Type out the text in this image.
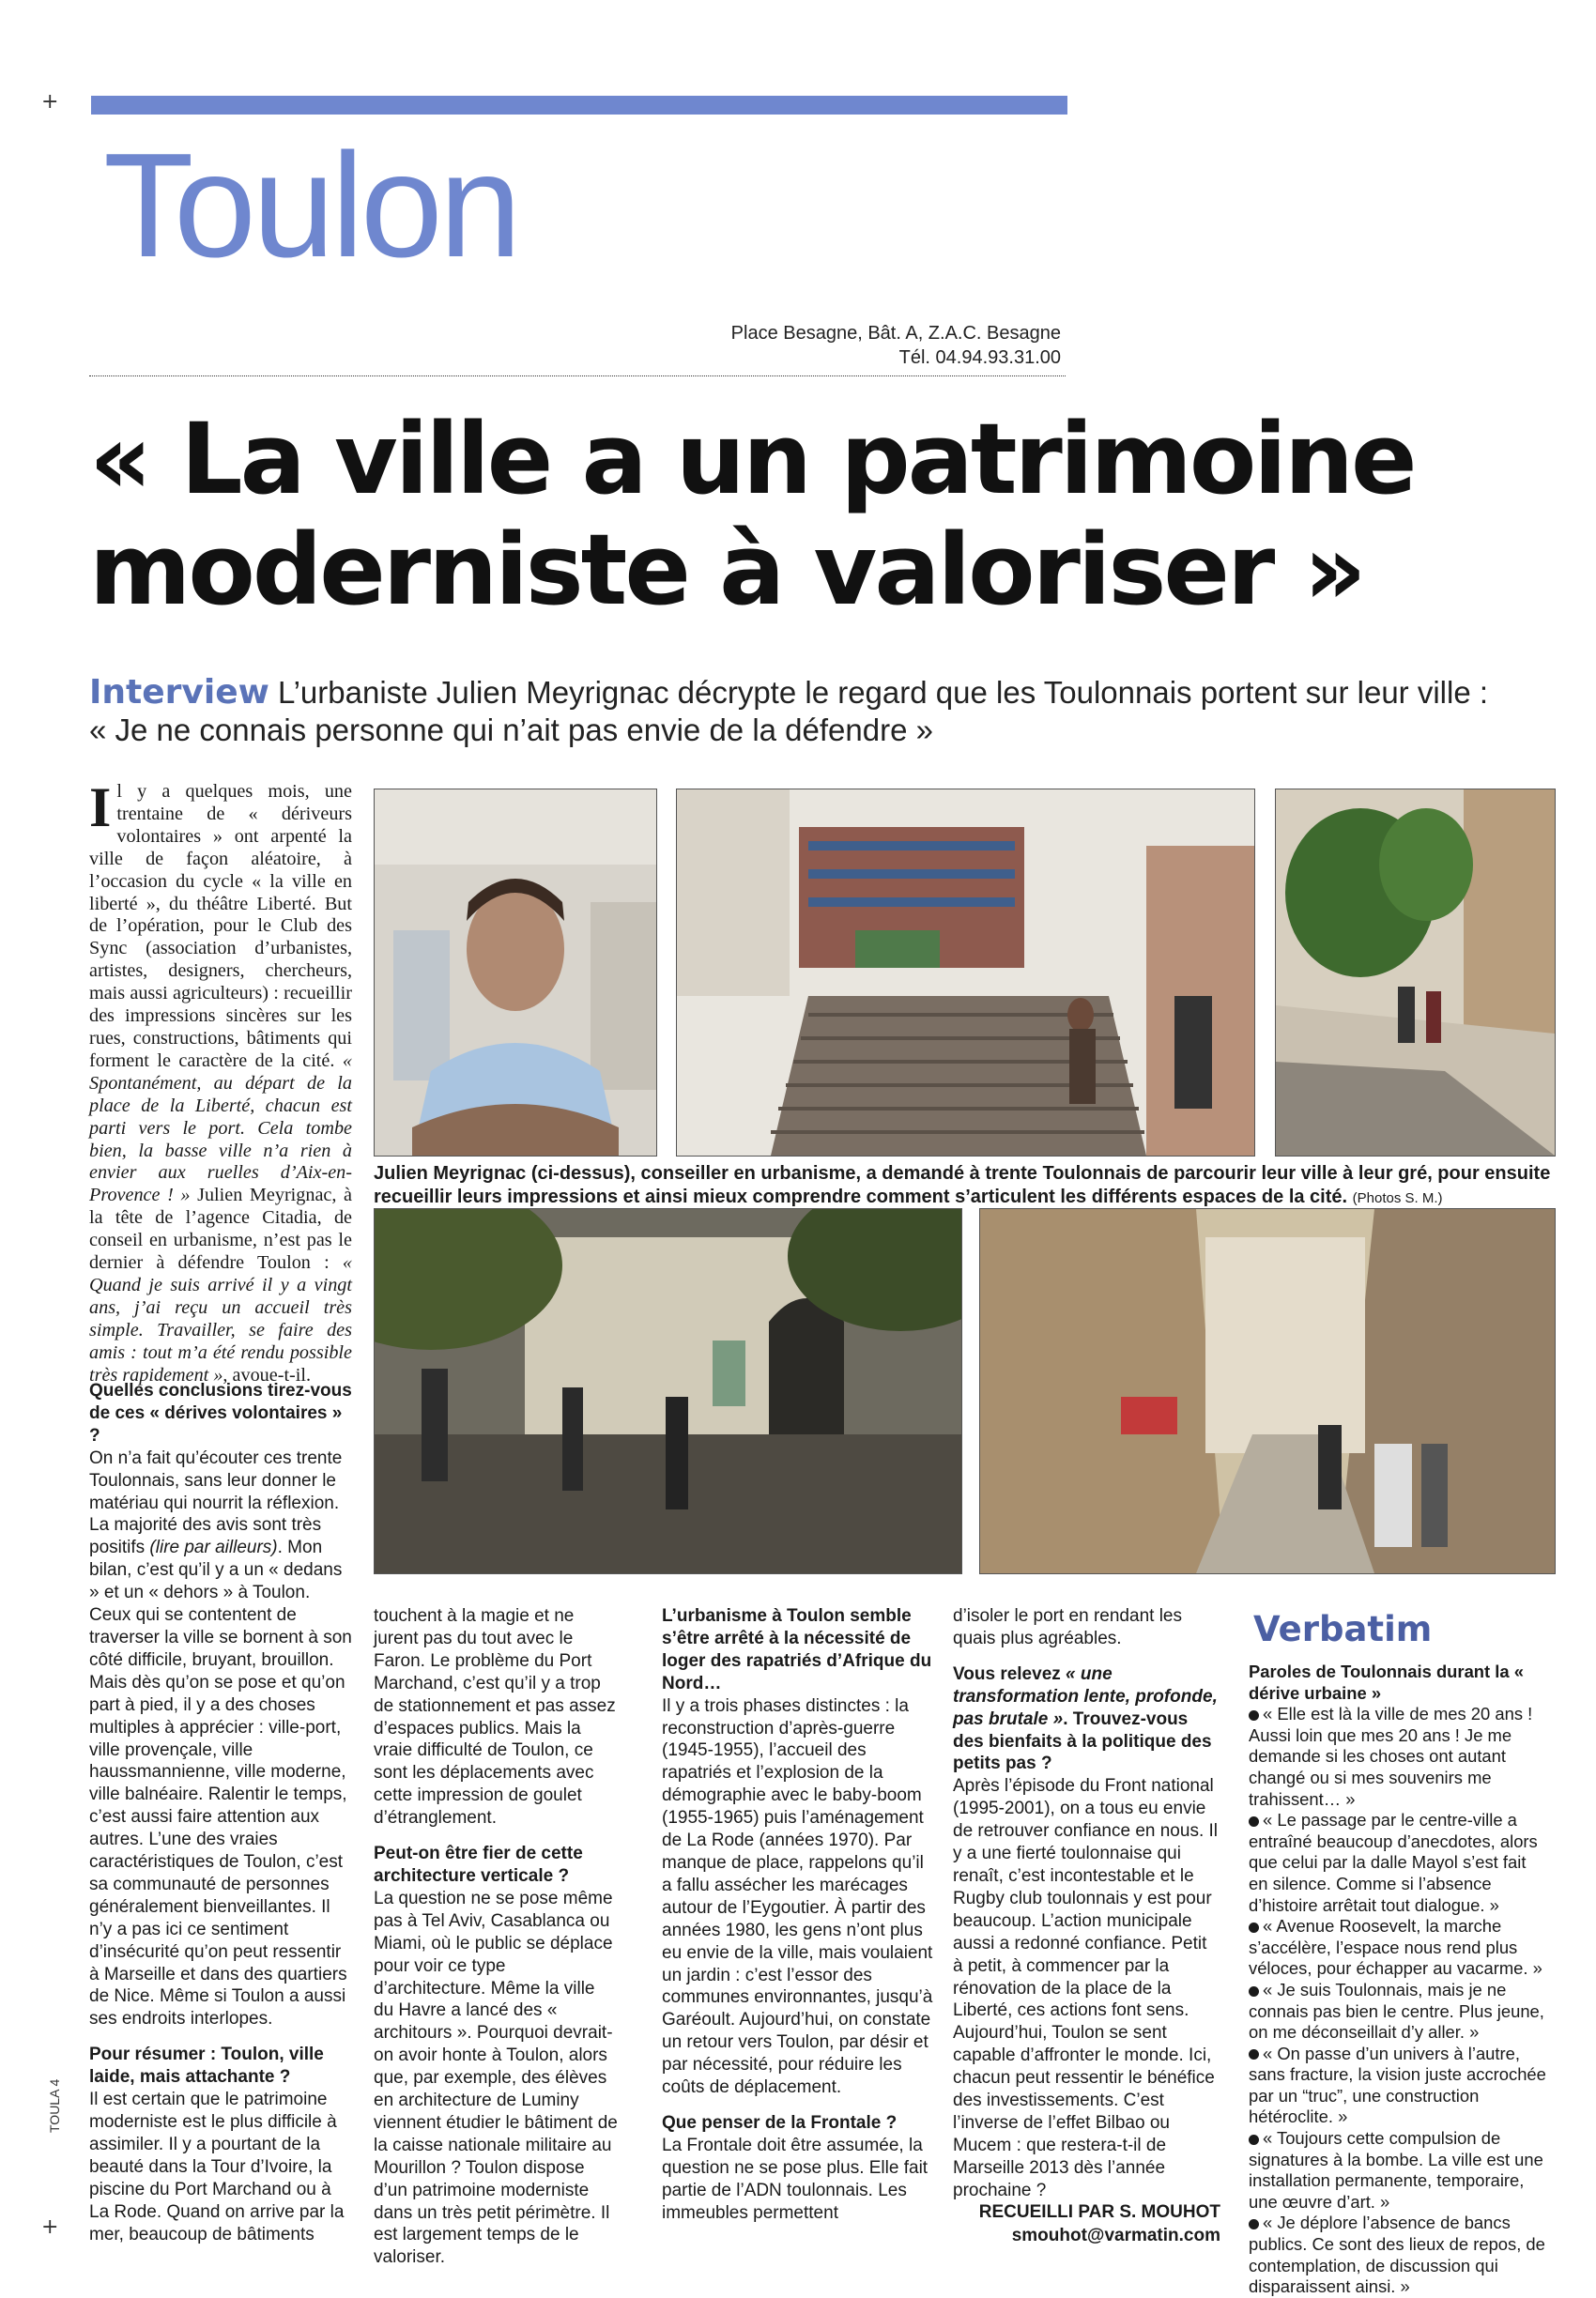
+
+
Toulon
Place Besagne, Bât. A, Z.A.C. Besagne
Tél. 04.94.93.31.00
« La ville a un patrimoine
moderniste à valoriser »
Interview L’urbaniste Julien Meyrignac décrypte le regard que les Toulonnais portent sur leur ville :
« Je ne connais personne qui n’ait pas envie de la défendre »

Il y a quelques mois, une trentaine de « dériveurs volontaires » ont arpenté la ville de façon aléatoire, à l’occasion du cycle « la ville en liberté », du théâtre Liberté. But de l’opération, pour le Club des Sync (association d’urbanistes, artistes, designers, chercheurs, mais aussi agriculteurs) : recueillir des impressions sincères sur les rues, constructions, bâtiments qui forment le caractère de la cité. « Spontanément, au départ de la place de la Liberté, chacun est parti vers le port. Cela tombe bien, la basse ville n’a rien à envier aux ruelles d’Aix-en-Provence ! » Julien Meyrignac, à la tête de l’agence Citadia, de conseil en urbanisme, n’est pas le dernier à défendre Toulon : « Quand je suis arrivé il y a vingt ans, j’ai reçu un accueil très simple. Travailler, se faire des amis : tout m’a été rendu possible très rapidement », avoue-t-il.

Quelles conclusions tirez-vous de ces « dérives volontaires » ?

On n’a fait qu’écouter ces trente Toulonnais, sans leur donner le matériau qui nourrit la réflexion. La majorité des avis sont très positifs (lire par ailleurs). Mon bilan, c’est qu’il y a un « dedans » et un « dehors » à Toulon. Ceux qui se contentent de traverser la ville se bornent à son côté difficile, bruyant, brouillon. Mais dès qu’on se pose et qu’on part à pied, il y a des choses multiples à apprécier : ville-port, ville provençale, ville haussmannienne, ville moderne, ville balnéaire. Ralentir le temps, c’est aussi faire attention aux autres. L’une des vraies caractéristiques de Toulon, c’est sa communauté de personnes généralement bienveillantes. Il n’y a pas ici ce sentiment d’insécurité qu’on peut ressentir à Marseille et dans des quartiers de Nice. Même si Toulon a aussi ses endroits interlopes.

Pour résumer : Toulon, ville laide, mais attachante ?

Il est certain que le patrimoine moderniste est le plus difficile à assimiler. Il y a pourtant de la beauté dans la Tour d’Ivoire, la piscine du Port Marchand ou à La Rode. Quand on arrive par la mer, beaucoup de bâtiments

touchent à la magie et ne jurent pas du tout avec le Faron. Le problème du Port Marchand, c’est qu’il y a trop de stationnement et pas assez d’espaces publics. Mais la vraie difficulté de Toulon, ce sont les déplacements avec cette impression de goulet d’étranglement.

Peut-on être fier de cette architecture verticale ?

La question ne se pose même pas à Tel Aviv, Casablanca ou Miami, où le public se déplace pour voir ce type d’architecture. Même la ville du Havre a lancé des « architours ». Pourquoi devrait-on avoir honte à Toulon, alors que, par exemple, des élèves en architecture de Luminy viennent étudier le bâtiment de la caisse nationale militaire au Mourillon ? Toulon dispose d’un patrimoine moderniste dans un très petit périmètre. Il est largement temps de le valoriser.

L’urbanisme à Toulon semble s’être arrêté à la nécessité de loger des rapatriés d’Afrique du Nord…

Il y a trois phases distinctes : la reconstruction d’après-guerre (1945-1955), l’accueil des rapatriés et l’explosion de la démographie avec le baby-boom (1955-1965) puis l’aménagement de La Rode (années 1970). Par manque de place, rappelons qu’il a fallu assécher les marécages autour de l’Eygoutier. À partir des années 1980, les gens n’ont plus eu envie de la ville, mais voulaient un jardin : c’est l’essor des communes environnantes, jusqu’à Garéoult. Aujourd’hui, on constate un retour vers Toulon, par désir et par nécessité, pour réduire les coûts de déplacement.

Que penser de la Frontale ?

La Frontale doit être assumée, la question ne se pose plus. Elle fait partie de l’ADN toulonnais. Les immeubles permettent

d’isoler le port en rendant les quais plus agréables.

Vous relevez « une transformation lente, profonde, pas brutale ». Trouvez-vous des bienfaits à la politique des petits pas ?

Après l’épisode du Front national (1995-2001), on a tous eu envie de retrouver confiance en nous. Il y a une fierté toulonnaise qui renaît, c’est incontestable et le Rugby club toulonnais y est pour beaucoup. L’action municipale aussi a redonné confiance. Petit à petit, à commencer par la rénovation de la place de la Liberté, ces actions font sens. Aujourd’hui, Toulon se sent capable d’affronter le monde. Ici, chacun peut ressentir le bénéfice des investissements. C’est l’inverse de l’effet Bilbao ou Mucem : que restera-t-il de Marseille 2013 dès l’année prochaine ?

RECUEILLI PAR S. MOUHOT
smouhot@varmatin.com
Julien Meyrignac (ci-dessus), conseiller en urbanisme, a demandé à trente Toulonnais de parcourir leur ville à leur gré, pour ensuite recueillir leurs impressions et ainsi mieux comprendre comment s’articulent les différents espaces de la cité. (Photos S. M.)
Verbatim

Paroles de Toulonnais durant la « dérive urbaine »

« Elle est là la ville de mes 20 ans ! Aussi loin que mes 20 ans ! Je me demande si les choses ont autant changé ou si mes souvenirs me trahissent… »

« Le passage par le centre-ville a entraîné beaucoup d’anecdotes, alors que celui par la dalle Mayol s’est fait en silence. Comme si l’absence d’histoire arrêtait tout dialogue. »

« Avenue Roosevelt, la marche s’accélère, l’espace nous rend plus véloces, pour échapper au vacarme. »

« Je suis Toulonnais, mais je ne connais pas bien le centre. Plus jeune, on me déconseillait d’y aller. »

« On passe d’un univers à l’autre, sans fracture, la vision juste accrochée par un “truc”, une construction hétéroclite. »

« Toujours cette compulsion de signatures à la bombe. La ville est une installation permanente, temporaire, une œuvre d’art. »

« Je déplore l’absence de bancs publics. Ce sont des lieux de repos, de contemplation, de discussion qui disparaissent ainsi. »

TOULA 4
